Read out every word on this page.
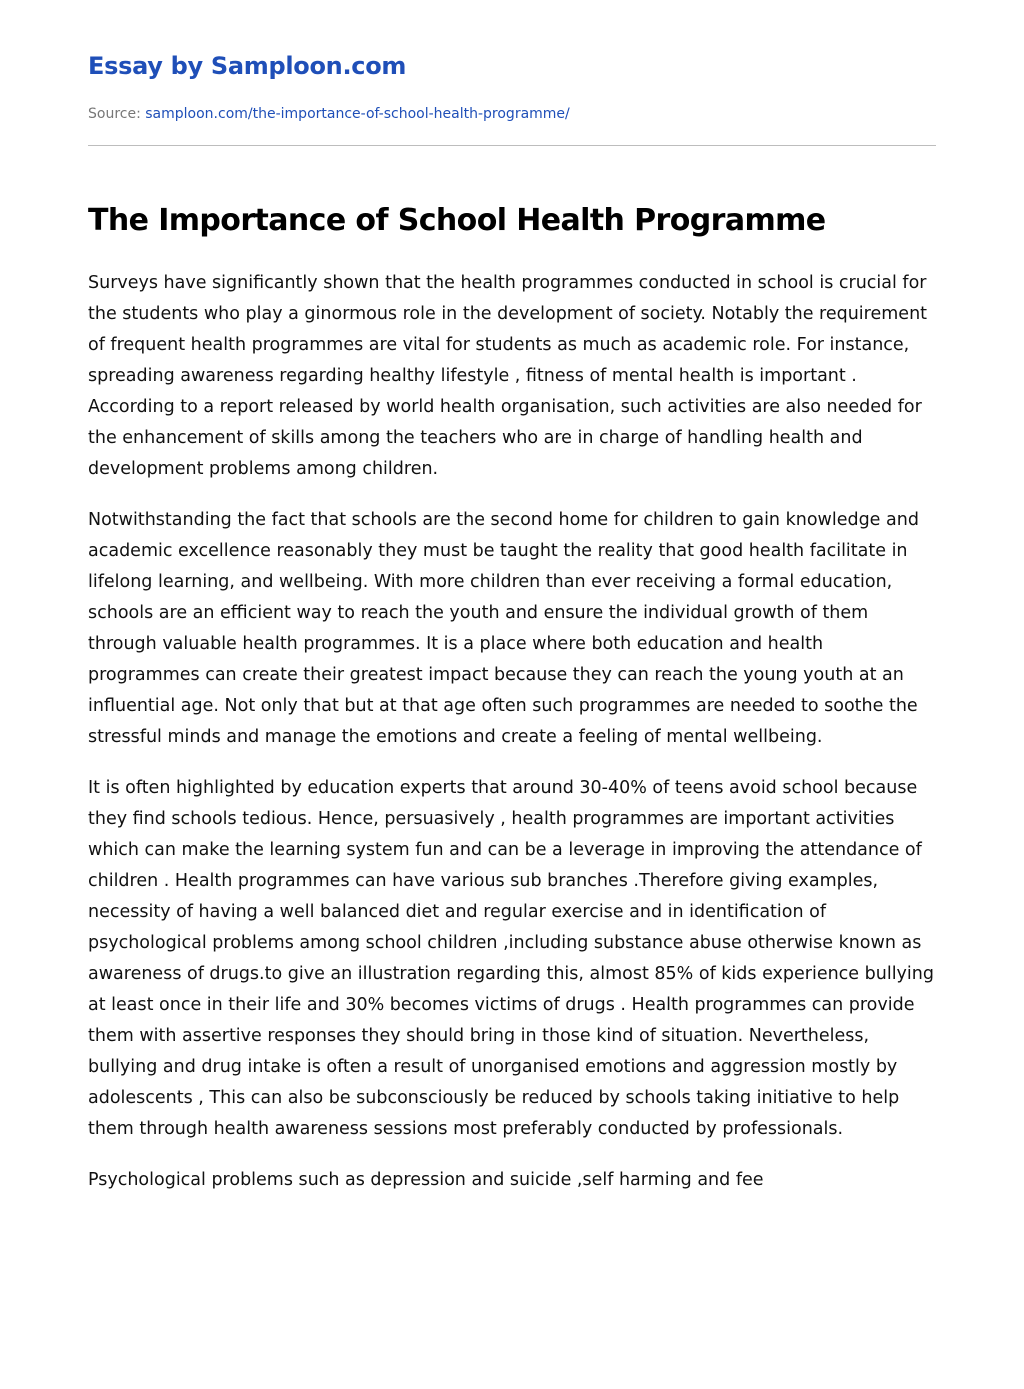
Essay by Samploon.com
Source: samploon.com/the-importance-of-school-health-programme/
The Importance of School Health Programme

Surveys have significantly shown that the health programmes conducted in school is crucial for the students who play a ginormous role in the development of society. Notably the requirement of frequent health programmes are vital for students as much as academic role. For instance, spreading awareness regarding healthy lifestyle , fitness of mental health is important . According to a report released by world health organisation, such activities are also needed for the enhancement of skills among the teachers who are in charge of handling health and development problems among children.

Notwithstanding the fact that schools are the second home for children to gain knowledge and academic excellence reasonably they must be taught the reality that good health facilitate in lifelong learning, and wellbeing. With more children than ever receiving a formal education, schools are an efficient way to reach the youth and ensure the individual growth of them through valuable health programmes. It is a place where both education and health programmes can create their greatest impact because they can reach the young youth at an influential age. Not only that but at that age often such programmes are needed to soothe the stressful minds and manage the emotions and create a feeling of mental wellbeing.

It is often highlighted by education experts that around 30-40% of teens avoid school because they find schools tedious. Hence, persuasively , health programmes are important activities which can make the learning system fun and can be a leverage in improving the attendance of children . Health programmes can have various sub branches .Therefore giving examples, necessity of having a well balanced diet and regular exercise and in identification of psychological problems among school children ,including substance abuse otherwise known as awareness of drugs.to give an illustration regarding this, almost 85% of kids experience bullying at least once in their life and 30% becomes victims of drugs . Health programmes can provide them with assertive responses they should bring in those kind of situation. Nevertheless, bullying and drug intake is often a result of unorganised emotions and aggression mostly by adolescents , This can also be subconsciously be reduced by schools taking initiative to help them through health awareness sessions most preferably conducted by professionals.

Psychological problems such as depression and suicide ,self harming and fee
